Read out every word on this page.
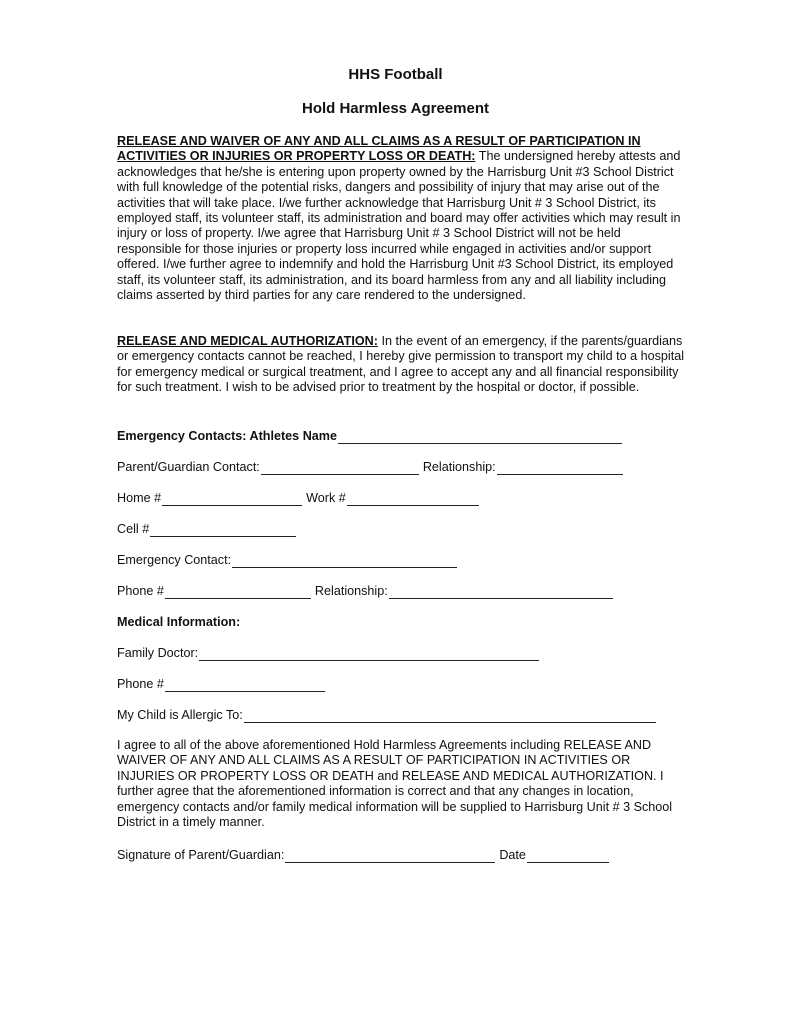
HHS Football
Hold Harmless Agreement

RELEASE AND WAIVER OF ANY AND ALL CLAIMS AS A RESULT OF PARTICIPATION IN ACTIVITIES OR INJURIES OR PROPERTY LOSS OR DEATH: The undersigned hereby attests and acknowledges that he/she is entering upon property owned by the Harrisburg Unit #3 School District with full knowledge of the potential risks, dangers and possibility of injury that may arise out of the activities that will take place. I/we further acknowledge that Harrisburg Unit # 3 School District, its employed staff, its volunteer staff, its administration and board may offer activities which may result in injury or loss of property. I/we agree that Harrisburg Unit # 3 School District will not be held responsible for those injuries or property loss incurred while engaged in activities and/or support offered. I/we further agree to indemnify and hold the Harrisburg Unit #3 School District, its employed staff, its volunteer staff, its administration, and its board harmless from any and all liability including claims asserted by third parties for any care rendered to the undersigned.

RELEASE AND MEDICAL AUTHORIZATION: In the event of an emergency, if the parents/guardians or emergency contacts cannot be reached, I hereby give permission to transport my child to a hospital for emergency medical or surgical treatment, and I agree to accept any and all financial responsibility for such treatment. I wish to be advised prior to treatment by the hospital or doctor, if possible.

Emergency Contacts: Athletes Name
Parent/Guardian Contact:	Relationship:
Home #	Work #
Cell #
Emergency Contact:
Phone #	Relationship:
Medical Information:
Family Doctor:
Phone #
My Child is Allergic To:

I agree to all of the above aforementioned Hold Harmless Agreements including RELEASE AND WAIVER OF ANY AND ALL CLAIMS AS A RESULT OF PARTICIPATION IN ACTIVITIES OR INJURIES OR PROPERTY LOSS OR DEATH and RELEASE AND MEDICAL AUTHORIZATION. I further agree that the aforementioned information is correct and that any changes in location, emergency contacts and/or family medical information will be supplied to Harrisburg Unit # 3 School District in a timely manner.

Signature of Parent/Guardian:	Date
